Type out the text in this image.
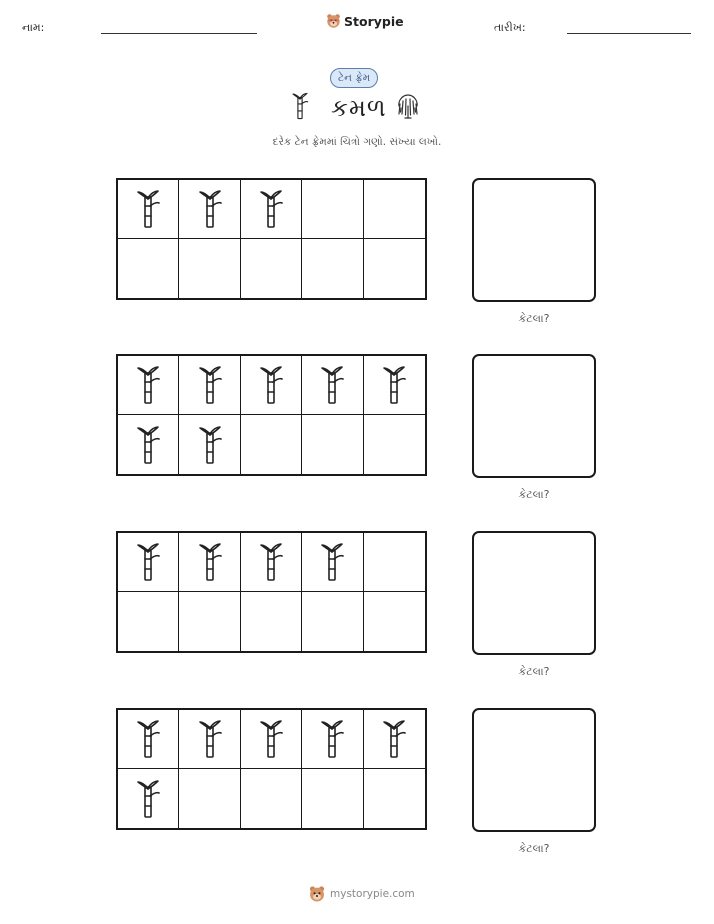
નામ:	Storypie	તારીખ:
ટેન ફ્રેમ
કમળ
દરેક ટેન ફ્રેમમાં ચિત્રો ગણો. સંખ્યા લખો.
કેટલા?
કેટલા?
કેટલા?
કેટલા?
mystorypie.com
